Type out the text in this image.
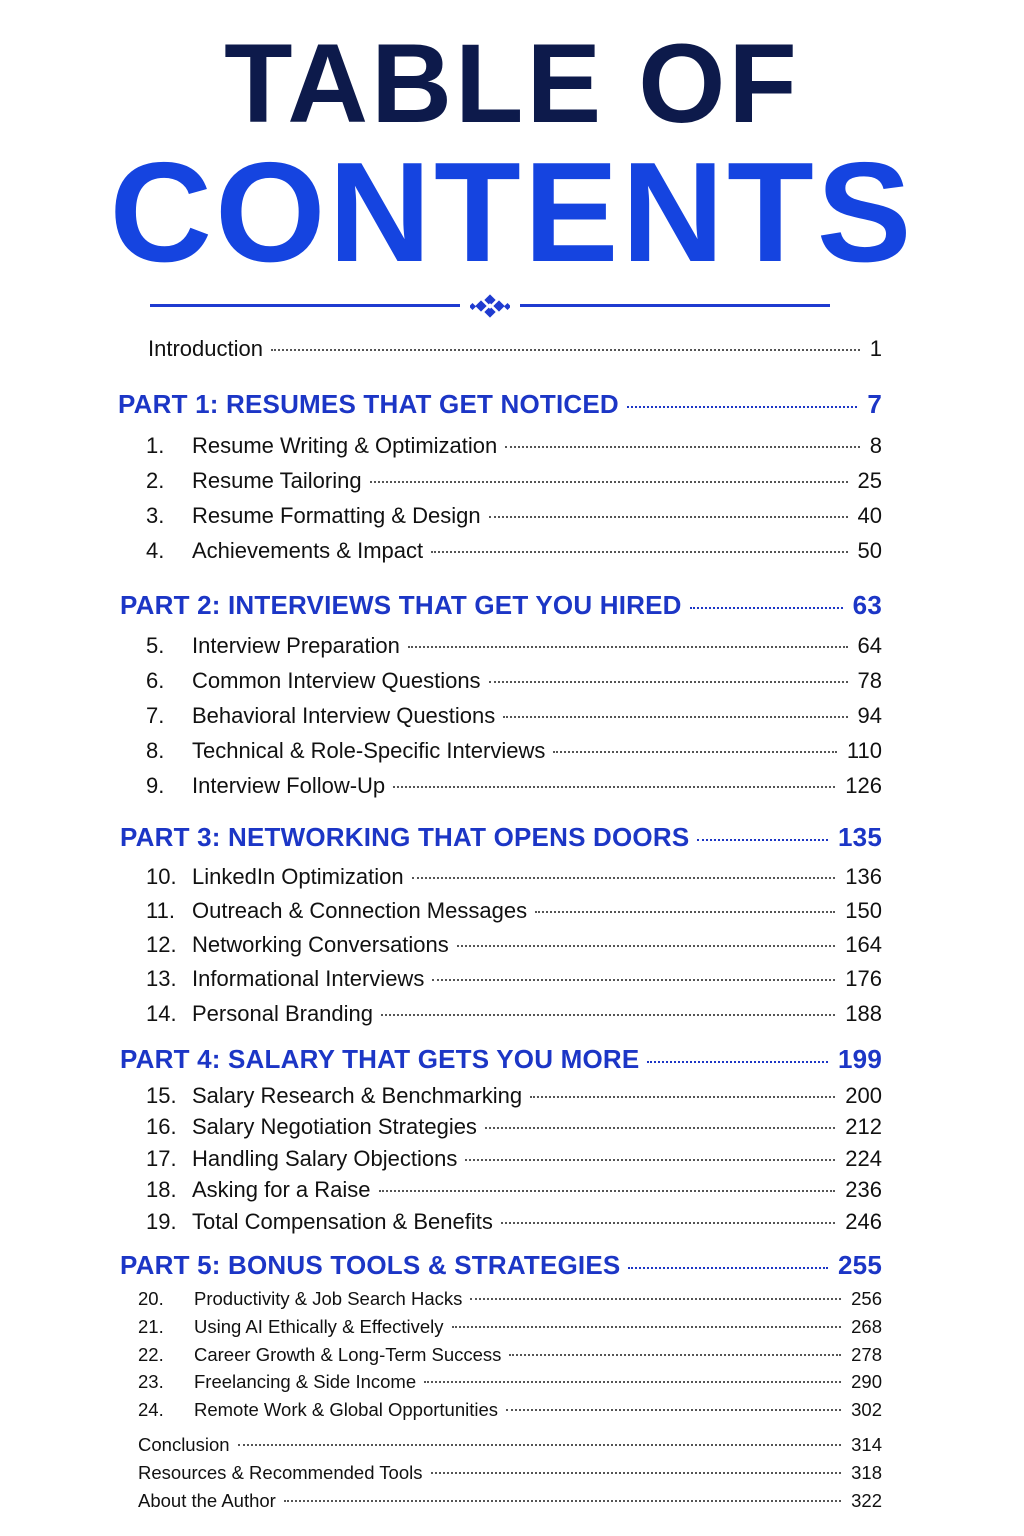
TABLE OF
CONTENTS
Introduction	1
PART 1: RESUMES THAT GET NOTICED	7
1.	Resume Writing & Optimization	8
2.	Resume Tailoring	25
3.	Resume Formatting & Design	40
4.	Achievements & Impact	50
PART 2: INTERVIEWS THAT GET YOU HIRED	63
5.	Interview Preparation	64
6.	Common Interview Questions	78
7.	Behavioral Interview Questions	94
8.	Technical & Role-Specific Interviews	110
9.	Interview Follow-Up	126
PART 3: NETWORKING THAT OPENS DOORS	135
10. LinkedIn Optimization	136
11. Outreach & Connection Messages	150
12. Networking Conversations	164
13. Informational Interviews	176
14. Personal Branding	188
PART 4: SALARY THAT GETS YOU MORE	199
15. Salary Research & Benchmarking	200
16. Salary Negotiation Strategies	212
17. Handling Salary Objections	224
18. Asking for a Raise	236
19. Total Compensation & Benefits	246
PART 5: BONUS TOOLS & STRATEGIES	255
20.	Productivity & Job Search Hacks	256
21.	Using AI Ethically & Effectively	268
22.	Career Growth & Long-Term Success	278
23.	Freelancing & Side Income	290
24.	Remote Work & Global Opportunities	302
Conclusion	314
Resources & Recommended Tools	318
About the Author	322
